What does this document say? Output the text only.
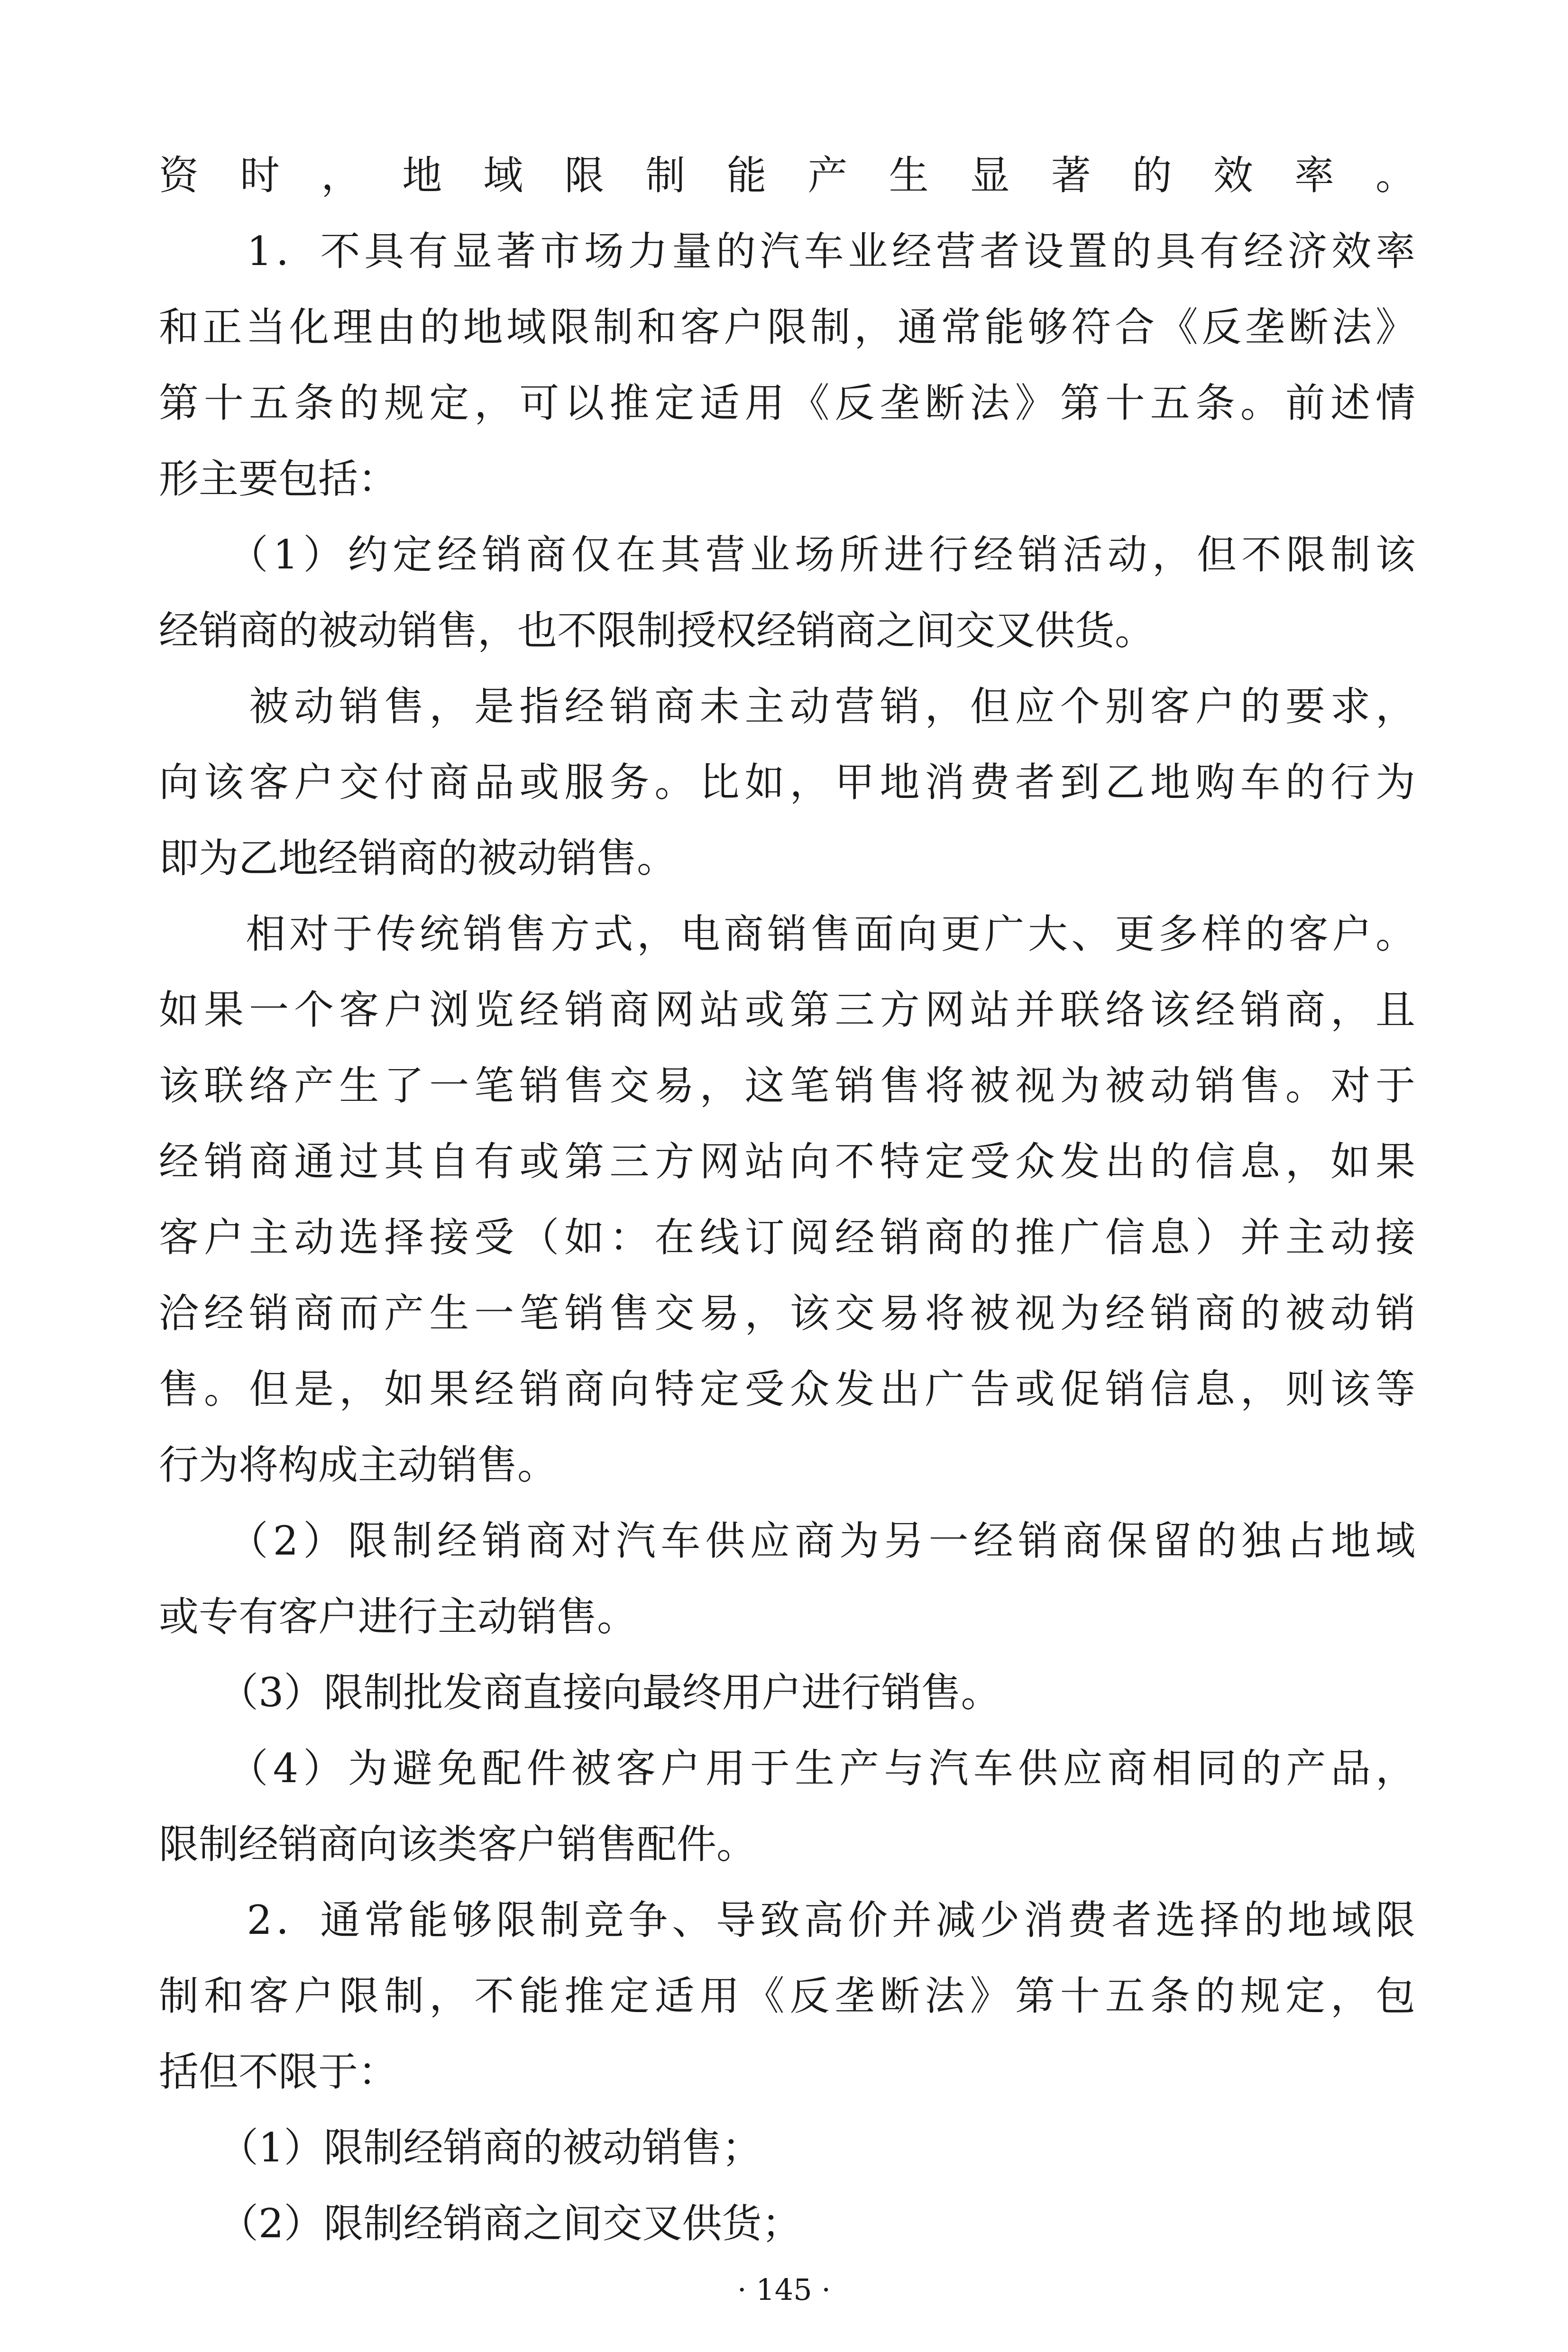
资时，地域限制能产生显著的效率。
　　1．不具有显著市场力量的汽车业经营者设置的具有经济效率
和正当化理由的地域限制和客户限制，通常能够符合《反垄断法》
第十五条的规定，可以推定适用《反垄断法》第十五条。前述情
形主要包括：
　　（1）约定经销商仅在其营业场所进行经销活动，但不限制该
经销商的被动销售，也不限制授权经销商之间交叉供货。
　　被动销售，是指经销商未主动营销，但应个别客户的要求，
向该客户交付商品或服务。比如，甲地消费者到乙地购车的行为
即为乙地经销商的被动销售。
　　相对于传统销售方式，电商销售面向更广大、更多样的客户。
如果一个客户浏览经销商网站或第三方网站并联络该经销商，且
该联络产生了一笔销售交易，这笔销售将被视为被动销售。对于
经销商通过其自有或第三方网站向不特定受众发出的信息，如果
客户主动选择接受（如：在线订阅经销商的推广信息）并主动接
洽经销商而产生一笔销售交易，该交易将被视为经销商的被动销
售。但是，如果经销商向特定受众发出广告或促销信息，则该等
行为将构成主动销售。
　　（2）限制经销商对汽车供应商为另一经销商保留的独占地域
或专有客户进行主动销售。
　　（3）限制批发商直接向最终用户进行销售。
　　（4）为避免配件被客户用于生产与汽车供应商相同的产品，
限制经销商向该类客户销售配件。
　　2．通常能够限制竞争、导致高价并减少消费者选择的地域限
制和客户限制，不能推定适用《反垄断法》第十五条的规定，包
括但不限于：
　　（1）限制经销商的被动销售；
　　（2）限制经销商之间交叉供货；
· 145 ·
